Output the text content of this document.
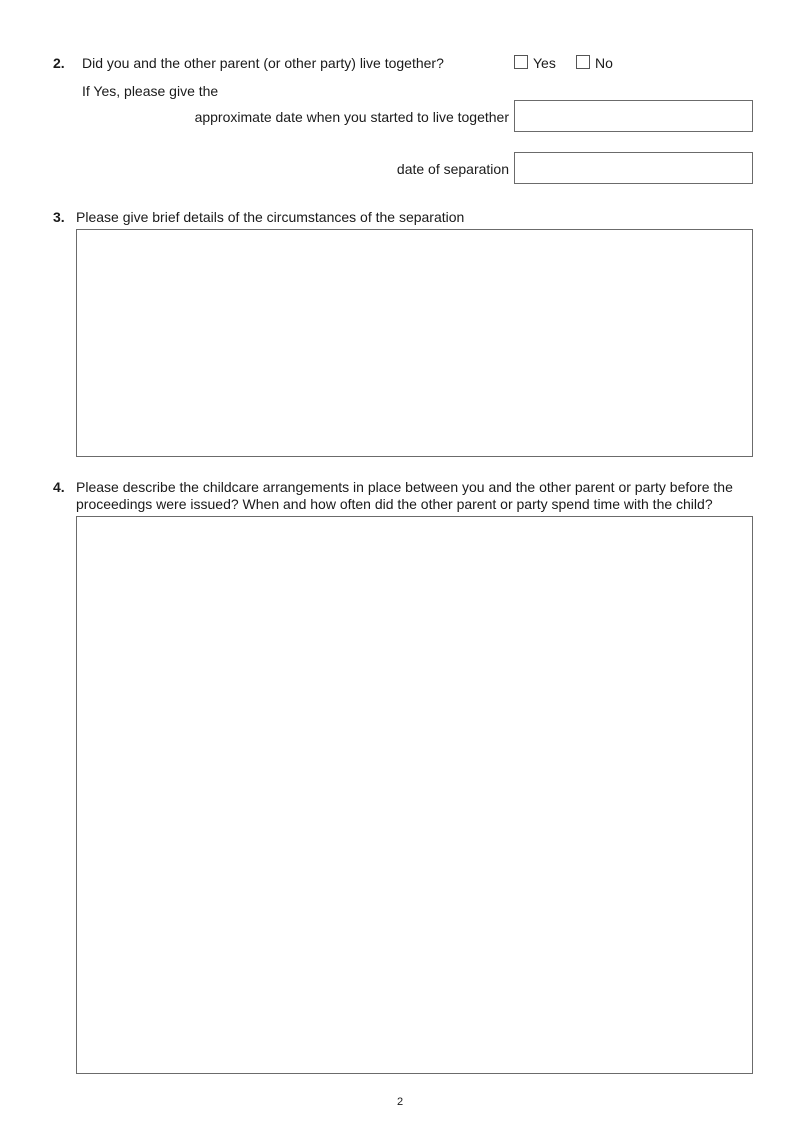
2. Did you and the other parent (or other party) live together?	Yes	No
If Yes, please give the
approximate date when you started to live together
date of separation
3. Please give brief details of the circumstances of the separation
4. Please describe the childcare arrangements in place between you and the other parent or party before the
proceedings were issued? When and how often did the other parent or party spend time with the child?
2
